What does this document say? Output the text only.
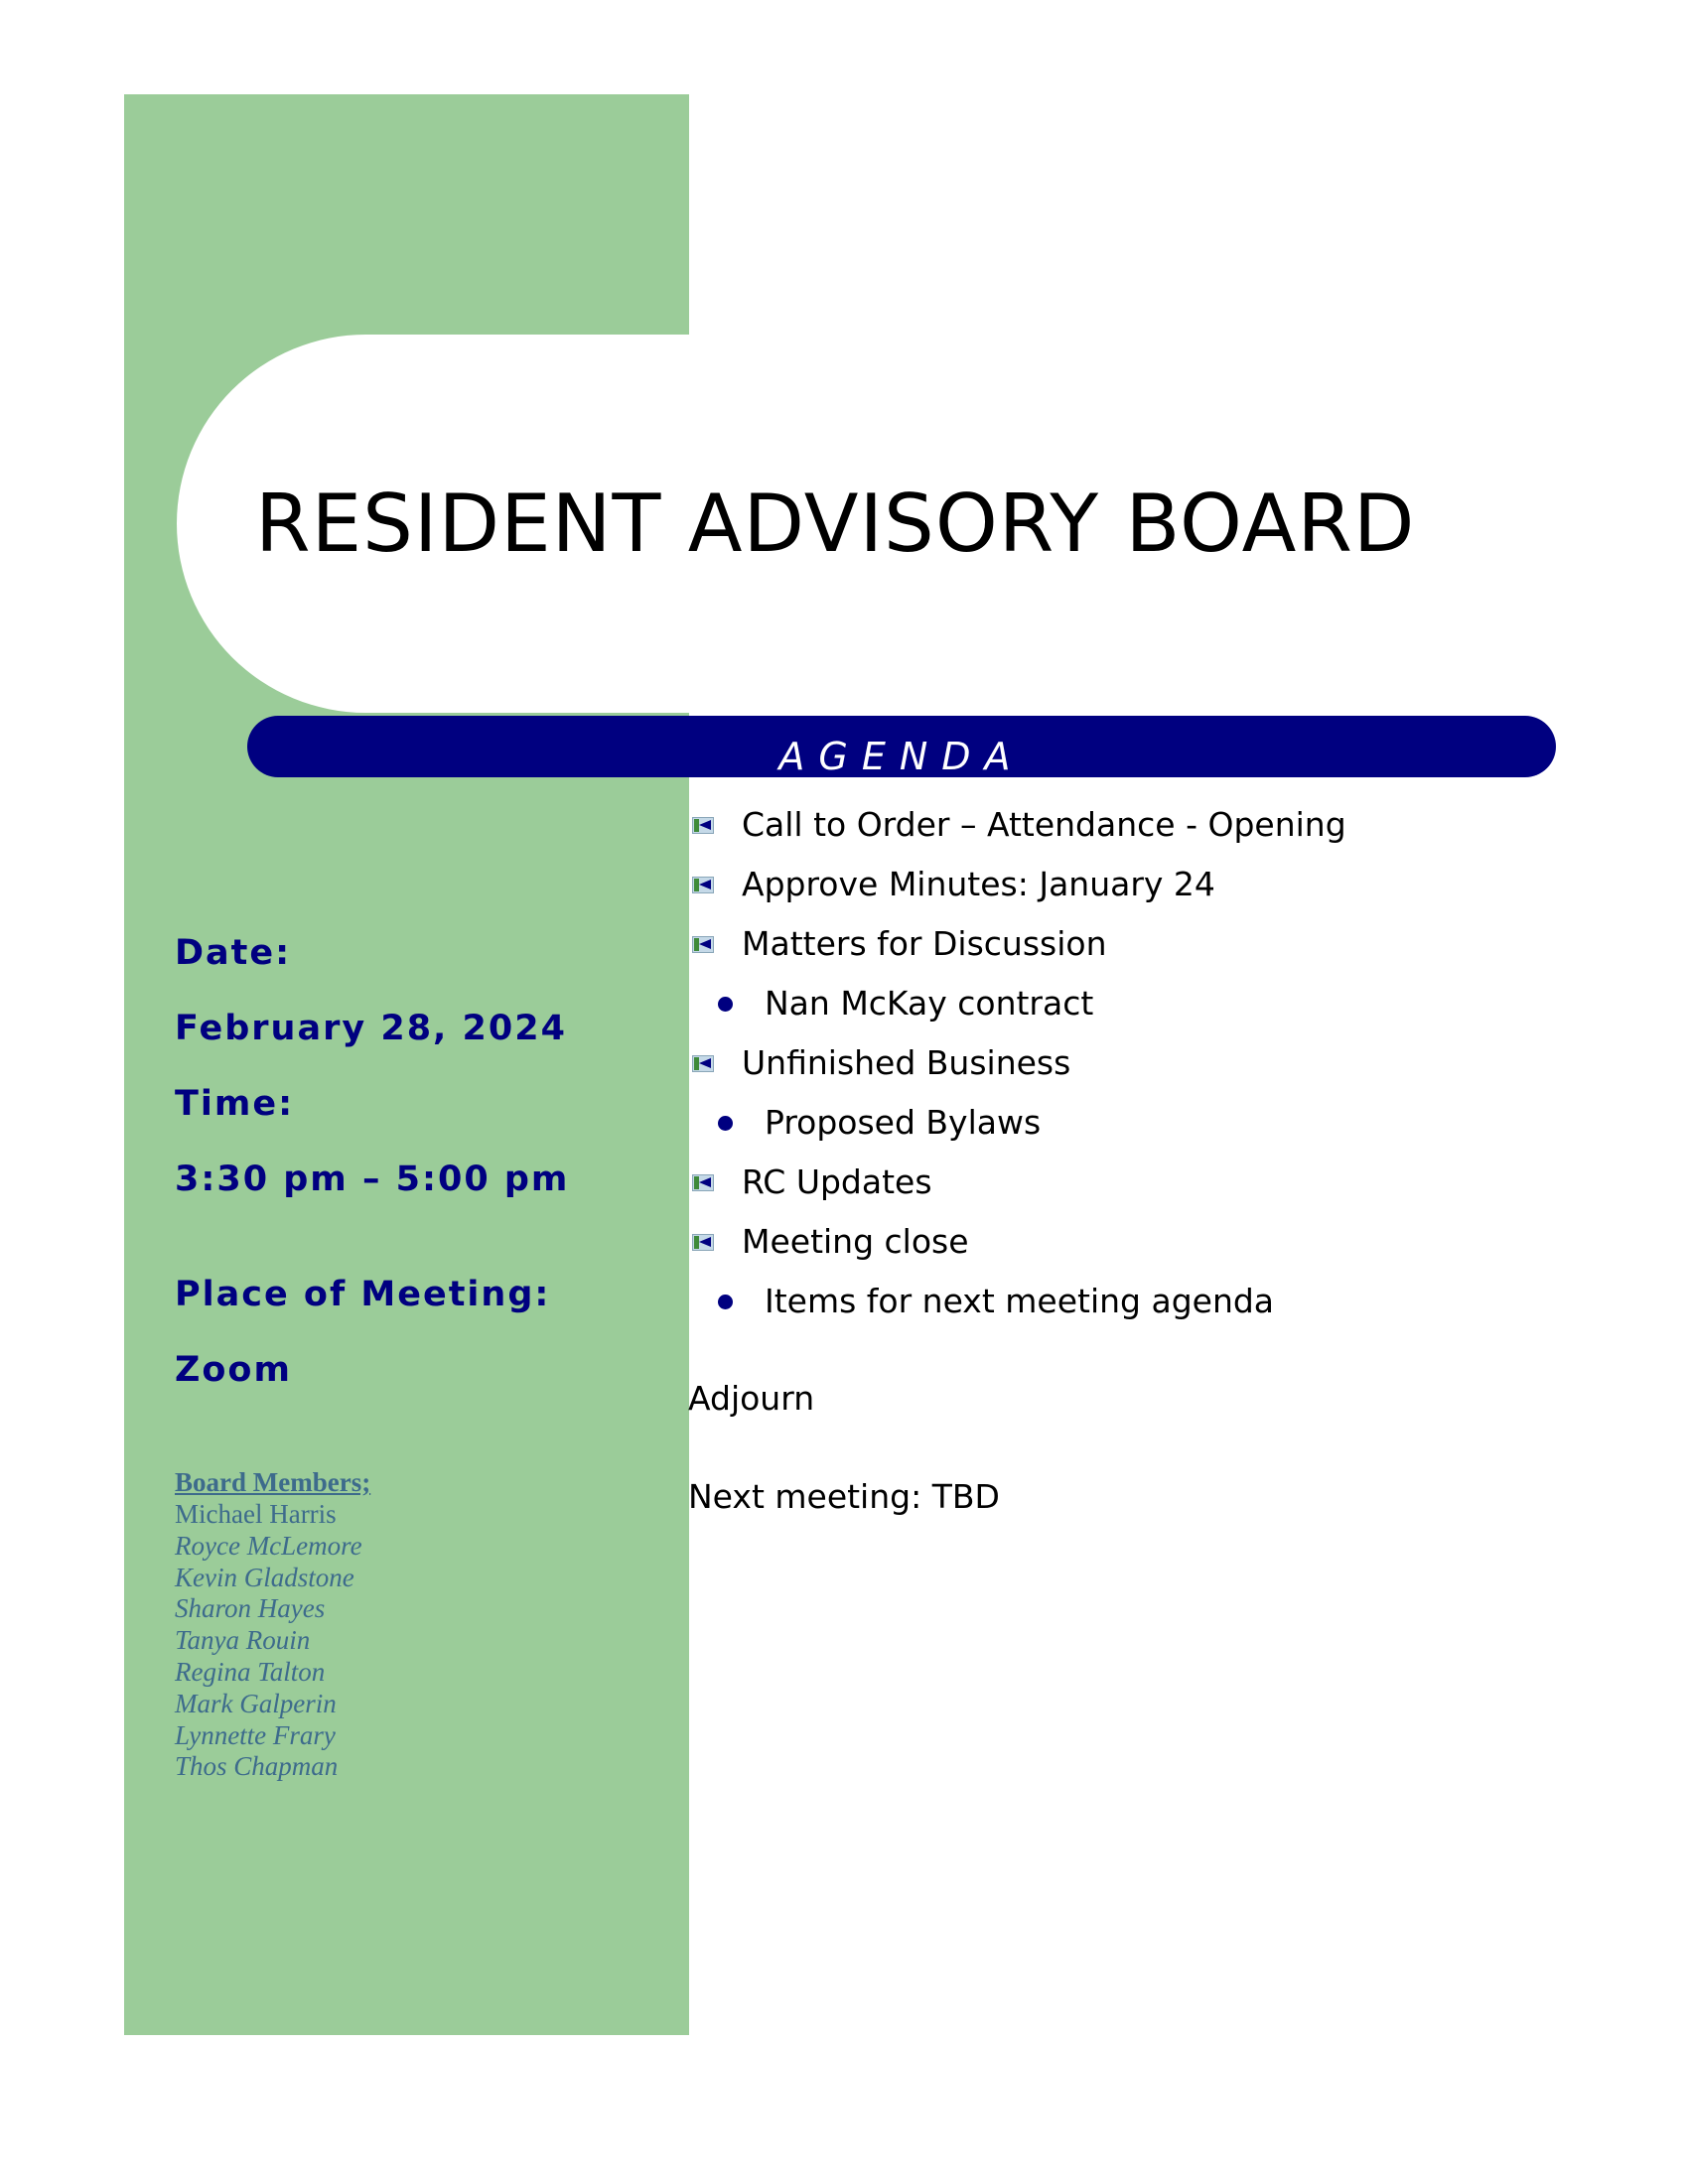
RESIDENT ADVISORY BOARD
AGENDA

Date:

February 28, 2024

Time:

3:30 pm – 5:00 pm

Place of Meeting:

Zoom

Board Members;
Michael Harris
Royce McLemore
Kevin Gladstone
Sharon Hayes
Tanya Rouin
Regina Talton
Mark Galperin
Lynnette Frary
Thos Chapman
Call to Order – Attendance - Opening
Approve Minutes: January 24
Matters for Discussion
Nan McKay contract
Unfinished Business
Proposed Bylaws
RC Updates
Meeting close
Items for next meeting agenda

Adjourn

Next meeting: TBD
